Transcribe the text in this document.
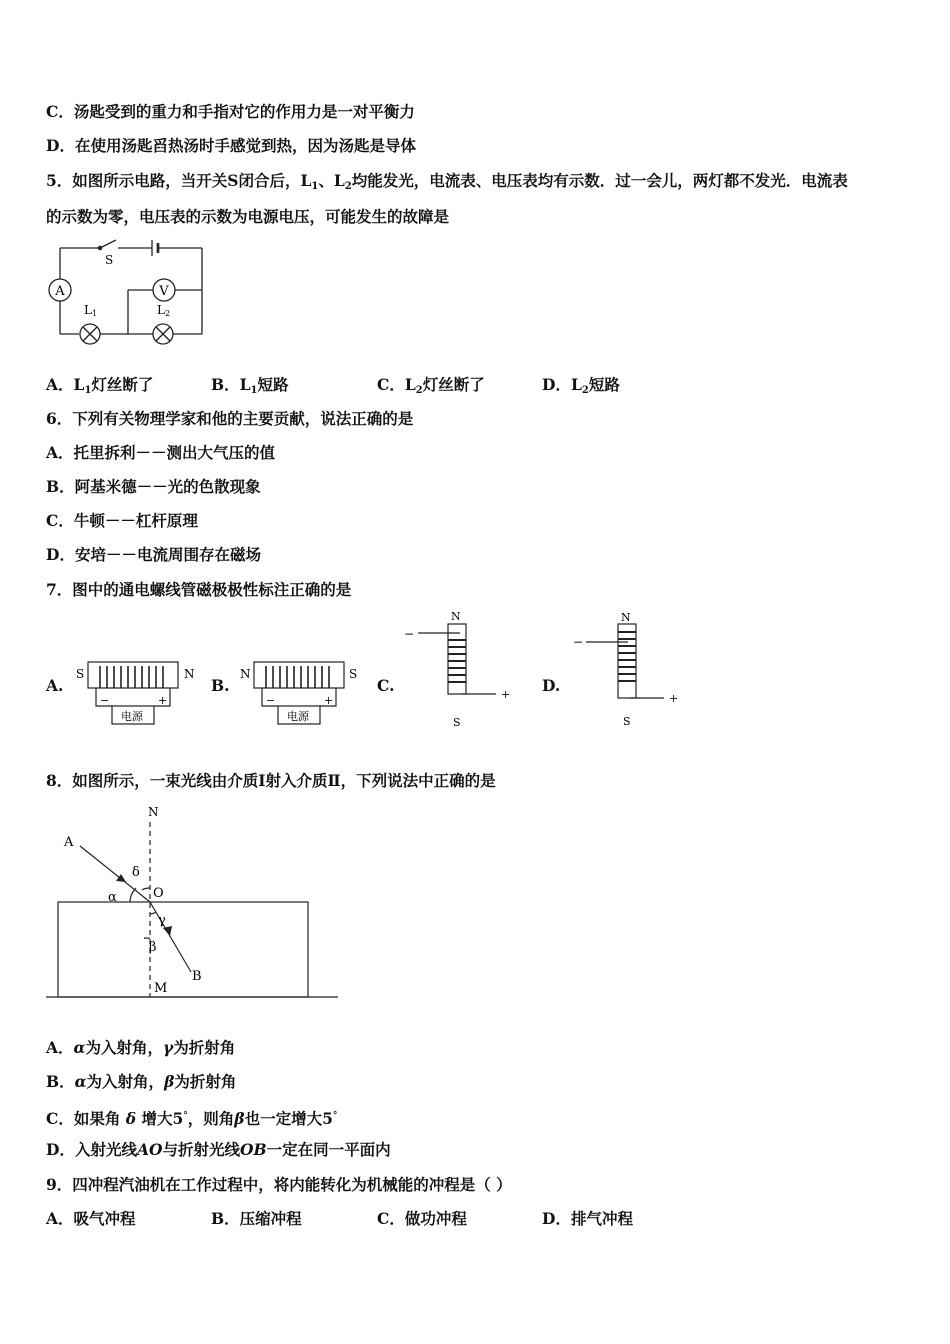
C．汤匙受到的重力和手指对它的作用力是一对平衡力
D．在使用汤匙舀热汤时手感觉到热，因为汤匙是导体
5．如图所示电路，当开关S闭合后，$L_1$、$L_2$均能发光，电流表、电压表均有示数．过一会儿，两灯都不发光．电流表
的示数为零，电压表的示数为电源电压，可能发生的故障是
S
A	V
L1	L2
A．$L_1$灯丝断了	B．$L_1$短路	C．$L_2$灯丝断了	D．$L_2$短路
6．下列有关物理学家和他的主要贡献，说法正确的是
A．托里拆利－－测出大气压的值
B．阿基米德－－光的色散现象
C．牛顿－－杠杆原理
D．安培－－电流周围存在磁场
7．图中的通电螺线管磁极极性标注正确的是
A.
S	N
电源
−	+
B.
N	S
电源
−	+
C.
N
S
−
+ D.
N
S
−
+
8．如图所示，一束光线由介质Ⅰ射入介质Ⅱ，下列说法中正确的是
N
A
O
B
M
α
δ
γ
β
A．α为入射角，γ为折射角
B．α为入射角，β为折射角
C．如果角 δ 增大5°，则角β也一定增大5°
D．入射光线AO与折射光线OB一定在同一平面内
9．四冲程汽油机在工作过程中，将内能转化为机械能的冲程是（ ）
A．吸气冲程	B．压缩冲程	C．做功冲程	D．排气冲程
